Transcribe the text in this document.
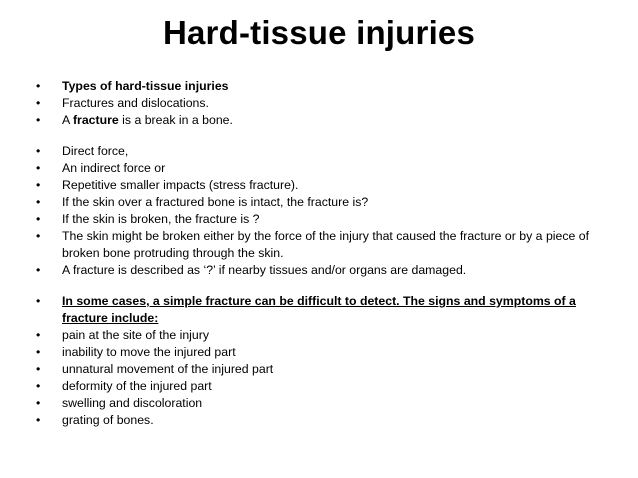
Hard-tissue injuries
• Types of hard-tissue injuries
• Fractures and dislocations.
• A fracture is a break in a bone.
• Direct force,
• An indirect force or
• Repetitive smaller impacts (stress fracture).
• If the skin over a fractured bone is intact, the fracture is?
• If the skin is broken, the fracture is ?
• The skin might be broken either by the force of the injury that caused the fracture or by a piece of broken bone protruding through the skin.
• A fracture is described as ‘?’ if nearby tissues and/or organs are damaged.
• In some cases, a simple fracture can be difficult to detect. The signs and symptoms of a fracture include:
• pain at the site of the injury
• inability to move the injured part
• unnatural movement of the injured part
• deformity of the injured part
• swelling and discoloration
• grating of bones.
